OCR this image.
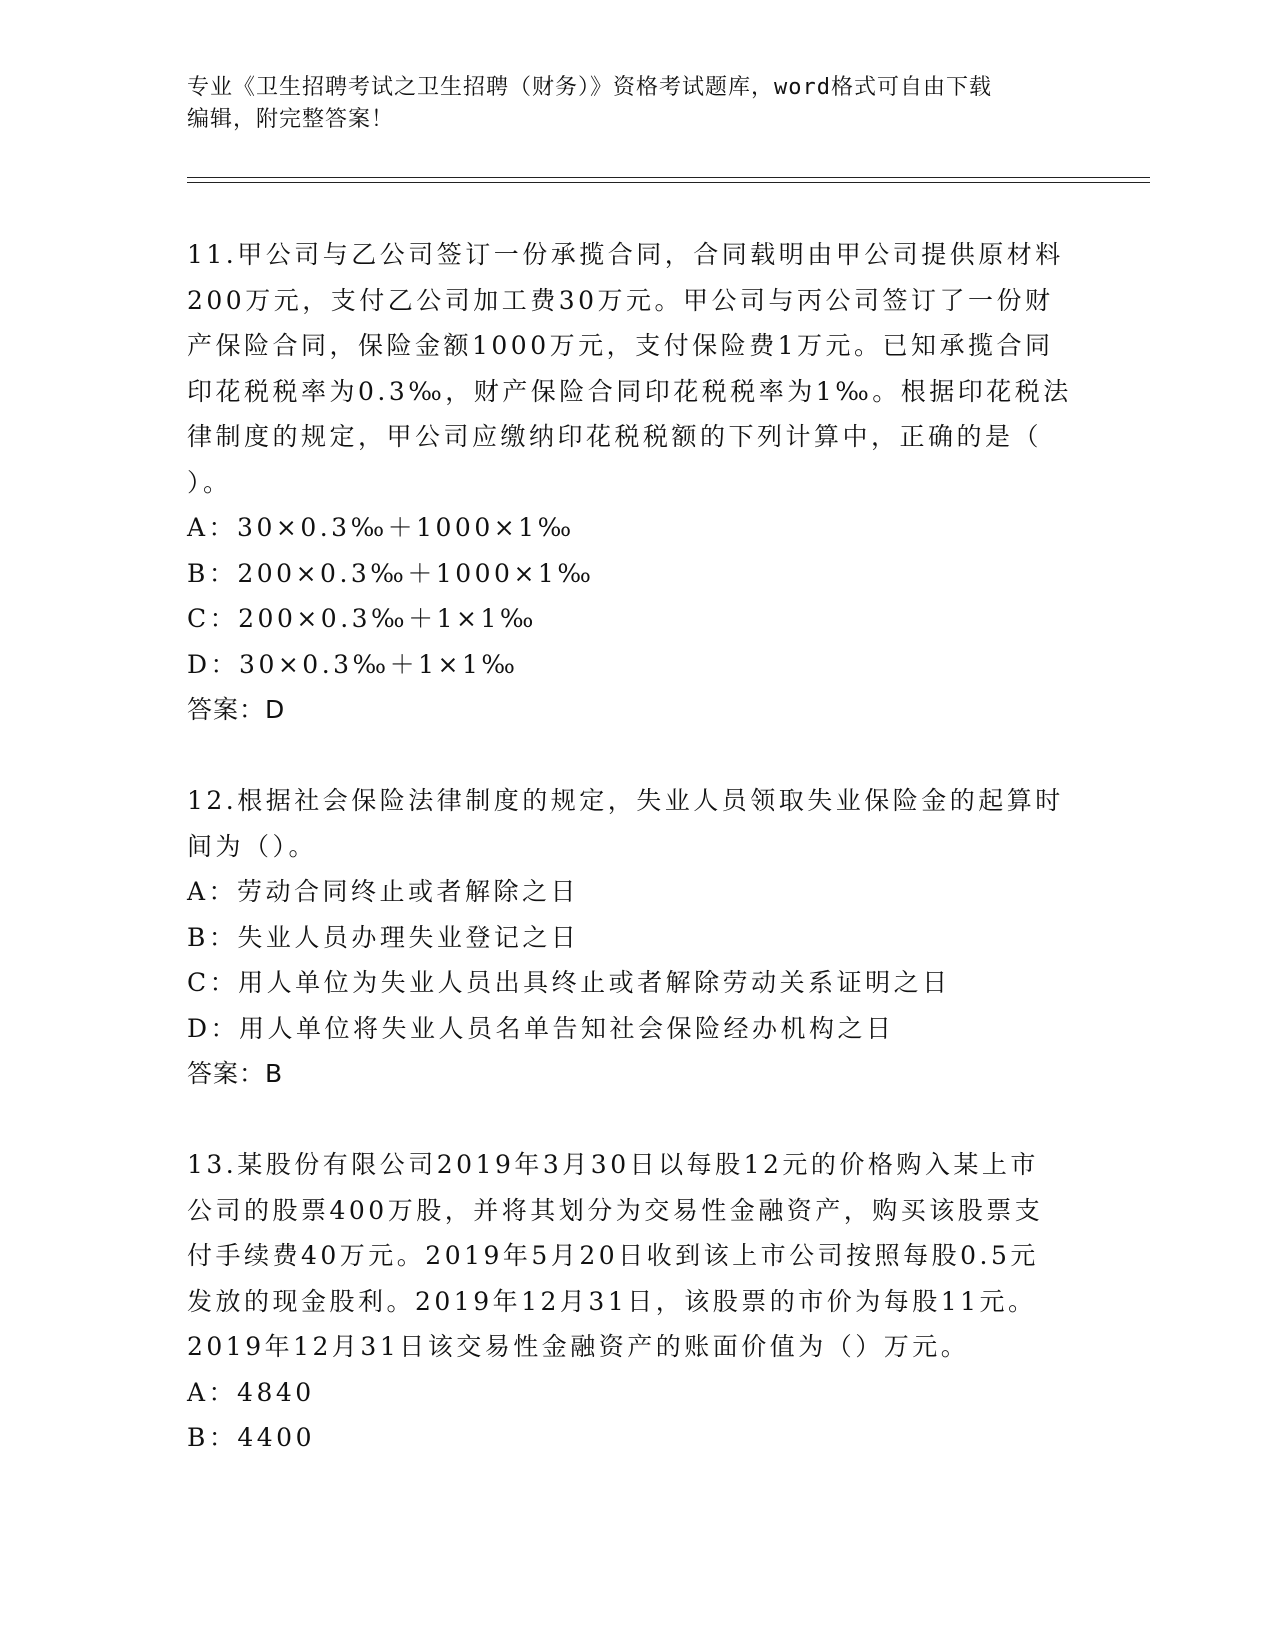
专业《卫生招聘考试之卫生招聘（财务）》资格考试题库，word格式可自由下载
编辑，附完整答案！
11.甲公司与乙公司签订一份承揽合同，合同载明由甲公司提供原材料
200万元，支付乙公司加工费30万元。甲公司与丙公司签订了一份财
产保险合同，保险金额1000万元，支付保险费1万元。已知承揽合同
印花税税率为0.3‰，财产保险合同印花税税率为1‰。根据印花税法
律制度的规定，甲公司应缴纳印花税税额的下列计算中，正确的是（
）。
A：30×0.3‰＋1000×1‰
B：200×0.3‰＋1000×1‰
C：200×0.3‰＋1×1‰
D：30×0.3‰＋1×1‰
答案：D
12.根据社会保险法律制度的规定，失业人员领取失业保险金的起算时
间为（）。
A：劳动合同终止或者解除之日
B：失业人员办理失业登记之日
C：用人单位为失业人员出具终止或者解除劳动关系证明之日
D：用人单位将失业人员名单告知社会保险经办机构之日
答案：B
13.某股份有限公司2019年3月30日以每股12元的价格购入某上市
公司的股票400万股，并将其划分为交易性金融资产，购买该股票支
付手续费40万元。2019年5月20日收到该上市公司按照每股0.5元
发放的现金股利。2019年12月31日，该股票的市价为每股11元。
2019年12月31日该交易性金融资产的账面价值为（）万元。
A：4840
B：4400
